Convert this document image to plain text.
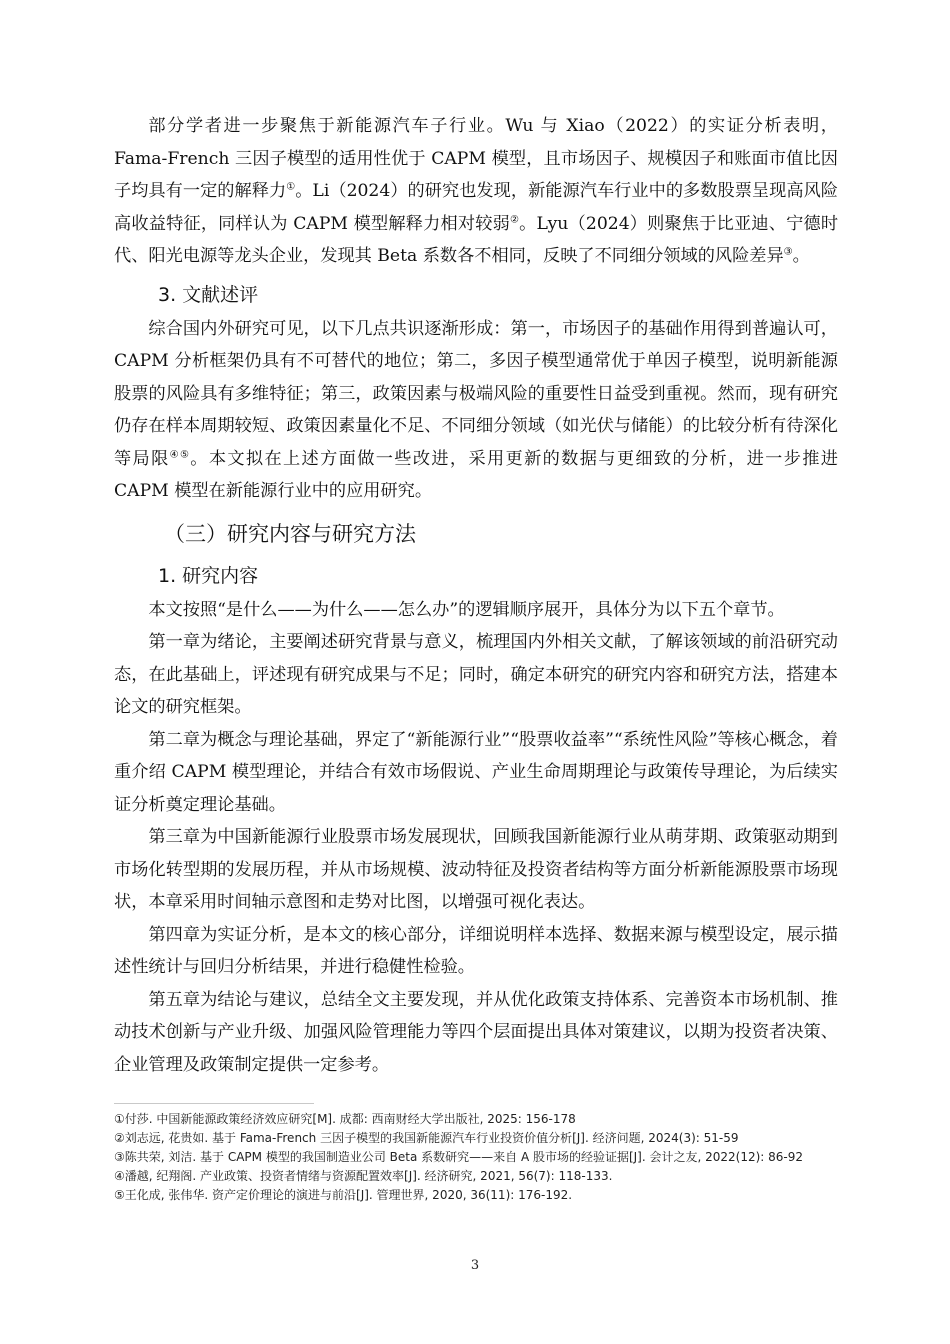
部分学者进一步聚焦于新能源汽车子行业。Wu 与 Xiao（2022）的实证分析表明，Fama-French 三因子模型的适用性优于 CAPM 模型，且市场因子、规模因子和账面市值比因子均具有一定的解释力①。Li（2024）的研究也发现，新能源汽车行业中的多数股票呈现高风险高收益特征，同样认为 CAPM 模型解释力相对较弱②。Lyu（2024）则聚焦于比亚迪、宁德时代、阳光电源等龙头企业，发现其 Beta 系数各不相同，反映了不同细分领域的风险差异③。

3. 文献述评

综合国内外研究可见，以下几点共识逐渐形成：第一，市场因子的基础作用得到普遍认可，CAPM 分析框架仍具有不可替代的地位；第二，多因子模型通常优于单因子模型，说明新能源股票的风险具有多维特征；第三，政策因素与极端风险的重要性日益受到重视。然而，现有研究仍存在样本周期较短、政策因素量化不足、不同细分领域（如光伏与储能）的比较分析有待深化等局限④⑤。本文拟在上述方面做一些改进，采用更新的数据与更细致的分析，进一步推进 CAPM 模型在新能源行业中的应用研究。

（三）研究内容与研究方法
1. 研究内容

本文按照“是什么——为什么——怎么办”的逻辑顺序展开，具体分为以下五个章节。

第一章为绪论，主要阐述研究背景与意义，梳理国内外相关文献，了解该领域的前沿研究动态，在此基础上，评述现有研究成果与不足；同时，确定本研究的研究内容和研究方法，搭建本论文的研究框架。

第二章为概念与理论基础，界定了“新能源行业”“股票收益率”“系统性风险”等核心概念，着重介绍 CAPM 模型理论，并结合有效市场假说、产业生命周期理论与政策传导理论，为后续实证分析奠定理论基础。

第三章为中国新能源行业股票市场发展现状，回顾我国新能源行业从萌芽期、政策驱动期到市场化转型期的发展历程，并从市场规模、波动特征及投资者结构等方面分析新能源股票市场现状，本章采用时间轴示意图和走势对比图，以增强可视化表达。

第四章为实证分析，是本文的核心部分，详细说明样本选择、数据来源与模型设定，展示描述性统计与回归分析结果，并进行稳健性检验。

第五章为结论与建议，总结全文主要发现，并从优化政策支持体系、完善资本市场机制、推动技术创新与产业升级、加强风险管理能力等四个层面提出具体对策建议，以期为投资者决策、企业管理及政策制定提供一定参考。

①付莎. 中国新能源政策经济效应研究[M]. 成都: 西南财经大学出版社, 2025: 156-178

②刘志远, 花贵如. 基于 Fama-French 三因子模型的我国新能源汽车行业投资价值分析[J]. 经济问题, 2024(3): 51-59

③陈共荣, 刘洁. 基于 CAPM 模型的我国制造业公司 Beta 系数研究——来自 A 股市场的经验证据[J]. 会计之友, 2022(12): 86-92

④潘越, 纪翔阁. 产业政策、投资者情绪与资源配置效率[J]. 经济研究, 2021, 56(7): 118-133.

⑤王化成, 张伟华. 资产定价理论的演进与前沿[J]. 管理世界, 2020, 36(11): 176-192.

3
